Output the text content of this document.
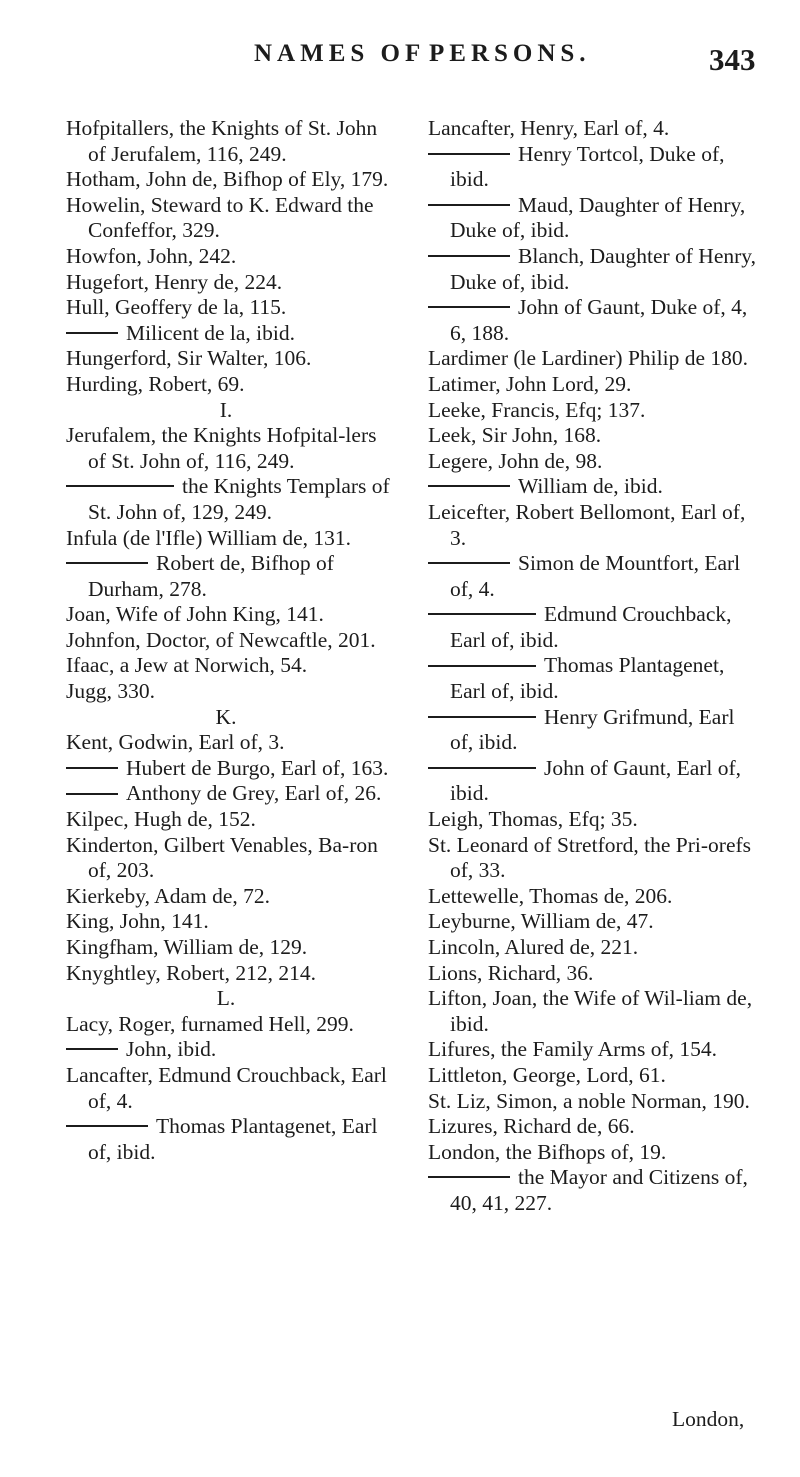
NAMES OF PERSONS.	343

Hofpitallers, the Knights of St. John of Jerufalem, 116, 249.

Hotham, John de, Bifhop of Ely, 179.

Howelin, Steward to K. Edward the Confeffor, 329.

Howfon, John, 242.

Hugefort, Henry de, 224.

Hull, Geoffery de la, 115.

Milicent de la, ibid.

Hungerford, Sir Walter, 106.

Hurding, Robert, 69.

I.

Jerufalem, the Knights Hofpital-lers of St. John of, 116, 249.

the Knights Templars of St. John of, 129, 249.

Infula (de l'Ifle) William de, 131.

Robert de, Bifhop of Durham, 278.

Joan, Wife of John King, 141.

Johnfon, Doctor, of Newcaftle, 201.

Ifaac, a Jew at Norwich, 54.

Jugg, 330.

K.

Kent, Godwin, Earl of, 3.

Hubert de Burgo, Earl of, 163.

Anthony de Grey, Earl of, 26.

Kilpec, Hugh de, 152.

Kinderton, Gilbert Venables, Ba-ron of, 203.

Kierkeby, Adam de, 72.

King, John, 141.

Kingfham, William de, 129.

Knyghtley, Robert, 212, 214.

L.

Lacy, Roger, furnamed Hell, 299.

John, ibid.

Lancafter, Edmund Crouchback, Earl of, 4.

Thomas Plantagenet, Earl of, ibid.

Lancafter, Henry, Earl of, 4.

Henry Tortcol, Duke of, ibid.

Maud, Daughter of Henry, Duke of, ibid.

Blanch, Daughter of Henry, Duke of, ibid.

John of Gaunt, Duke of, 4, 6, 188.

Lardimer (le Lardiner) Philip de 180.

Latimer, John Lord, 29.

Leeke, Francis, Efq; 137.

Leek, Sir John, 168.

Legere, John de, 98.

William de, ibid.

Leicefter, Robert Bellomont, Earl of, 3.

Simon de Mountfort, Earl of, 4.

Edmund Crouchback, Earl of, ibid.

Thomas Plantagenet, Earl of, ibid.

Henry Grifmund, Earl of, ibid.

John of Gaunt, Earl of, ibid.

Leigh, Thomas, Efq; 35.

St. Leonard of Stretford, the Pri-orefs of, 33.

Lettewelle, Thomas de, 206.

Leyburne, William de, 47.

Lincoln, Alured de, 221.

Lions, Richard, 36.

Lifton, Joan, the Wife of Wil-liam de, ibid.

Lifures, the Family Arms of, 154.

Littleton, George, Lord, 61.

St. Liz, Simon, a noble Norman, 190.

Lizures, Richard de, 66.

London, the Bifhops of, 19.

the Mayor and Citizens of, 40, 41, 227.

London,
